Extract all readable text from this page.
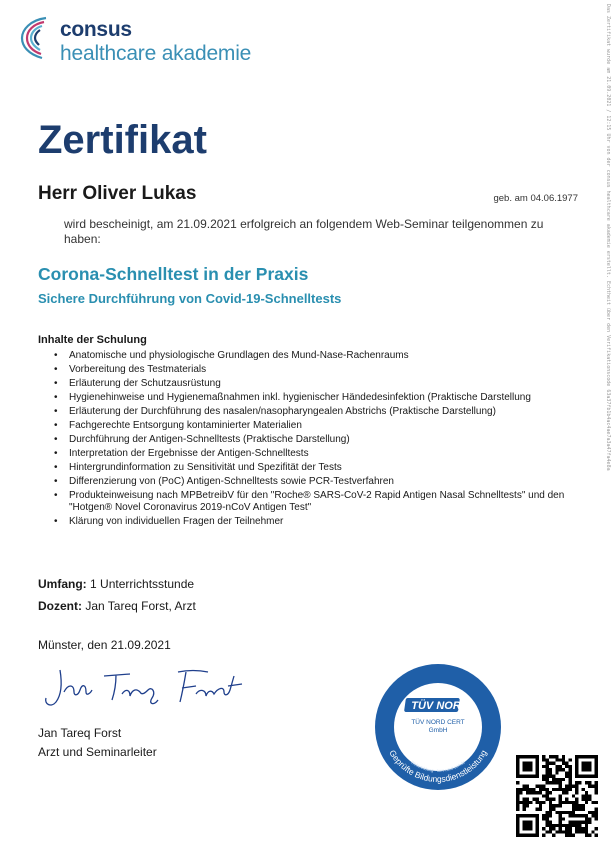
consus
healthcare akademie	Das Zertifikat wurde am 21.09.2021 / 12:15 Uhr von der consus healthcare akademie erstellt. Echtheit über den Verifikationscode 63a37fb1b4ac4ae7a3a47fa4e8a
Zertifikat
Herr Oliver Lukas	geb. am 04.06.1977
wird bescheinigt, am 21.09.2021 erfolgreich an folgendem Web-Seminar teilgenommen zu haben:
Corona-Schnelltest in der Praxis
Sichere Durchführung von Covid-19-Schnelltests
Inhalte der Schulung
• Anatomische und physiologische Grundlagen des Mund-Nase-Rachenraums
• Vorbereitung des Testmaterials
• Erläuterung der Schutzausrüstung
• Hygienehinweise und Hygienemaßnahmen inkl. hygienischer Händedesinfektion (Praktische Darstellung
• Erläuterung der Durchführung des nasalen/nasopharyngealen Abstrichs (Praktische Darstellung)
• Fachgerechte Entsorgung kontaminierter Materialien
• Durchführung der Antigen-Schnelltests (Praktische Darstellung)
• Interpretation der Ergebnisse der Antigen-Schnelltests
• Hintergrundinformation zu Sensitivität und Spezifität der Tests
• Differenzierung von (PoC) Antigen-Schnelltests sowie PCR-Testverfahren
• Produkteinweisung nach MPBetreibV für den "Roche® SARS-CoV-2 Rapid Antigen Nasal Schnelltests" und den "Hotgen® Novel Coronavirus 2019-nCoV Antigen Test"
• Klärung von individuellen Fragen der Teilnehmer
Umfang: 1 Unterrichtsstunde
Dozent: Jan Tareq Forst, Arzt
Münster, den 21.09.2021
Jan Tareq Forst
Arzt und Seminarleiter
TÜV NORD
TÜV NORD CERT
GmbH
Geprüfte Bildungsdienstleistung
Weiterbildung · tuev-nord-cert.de
